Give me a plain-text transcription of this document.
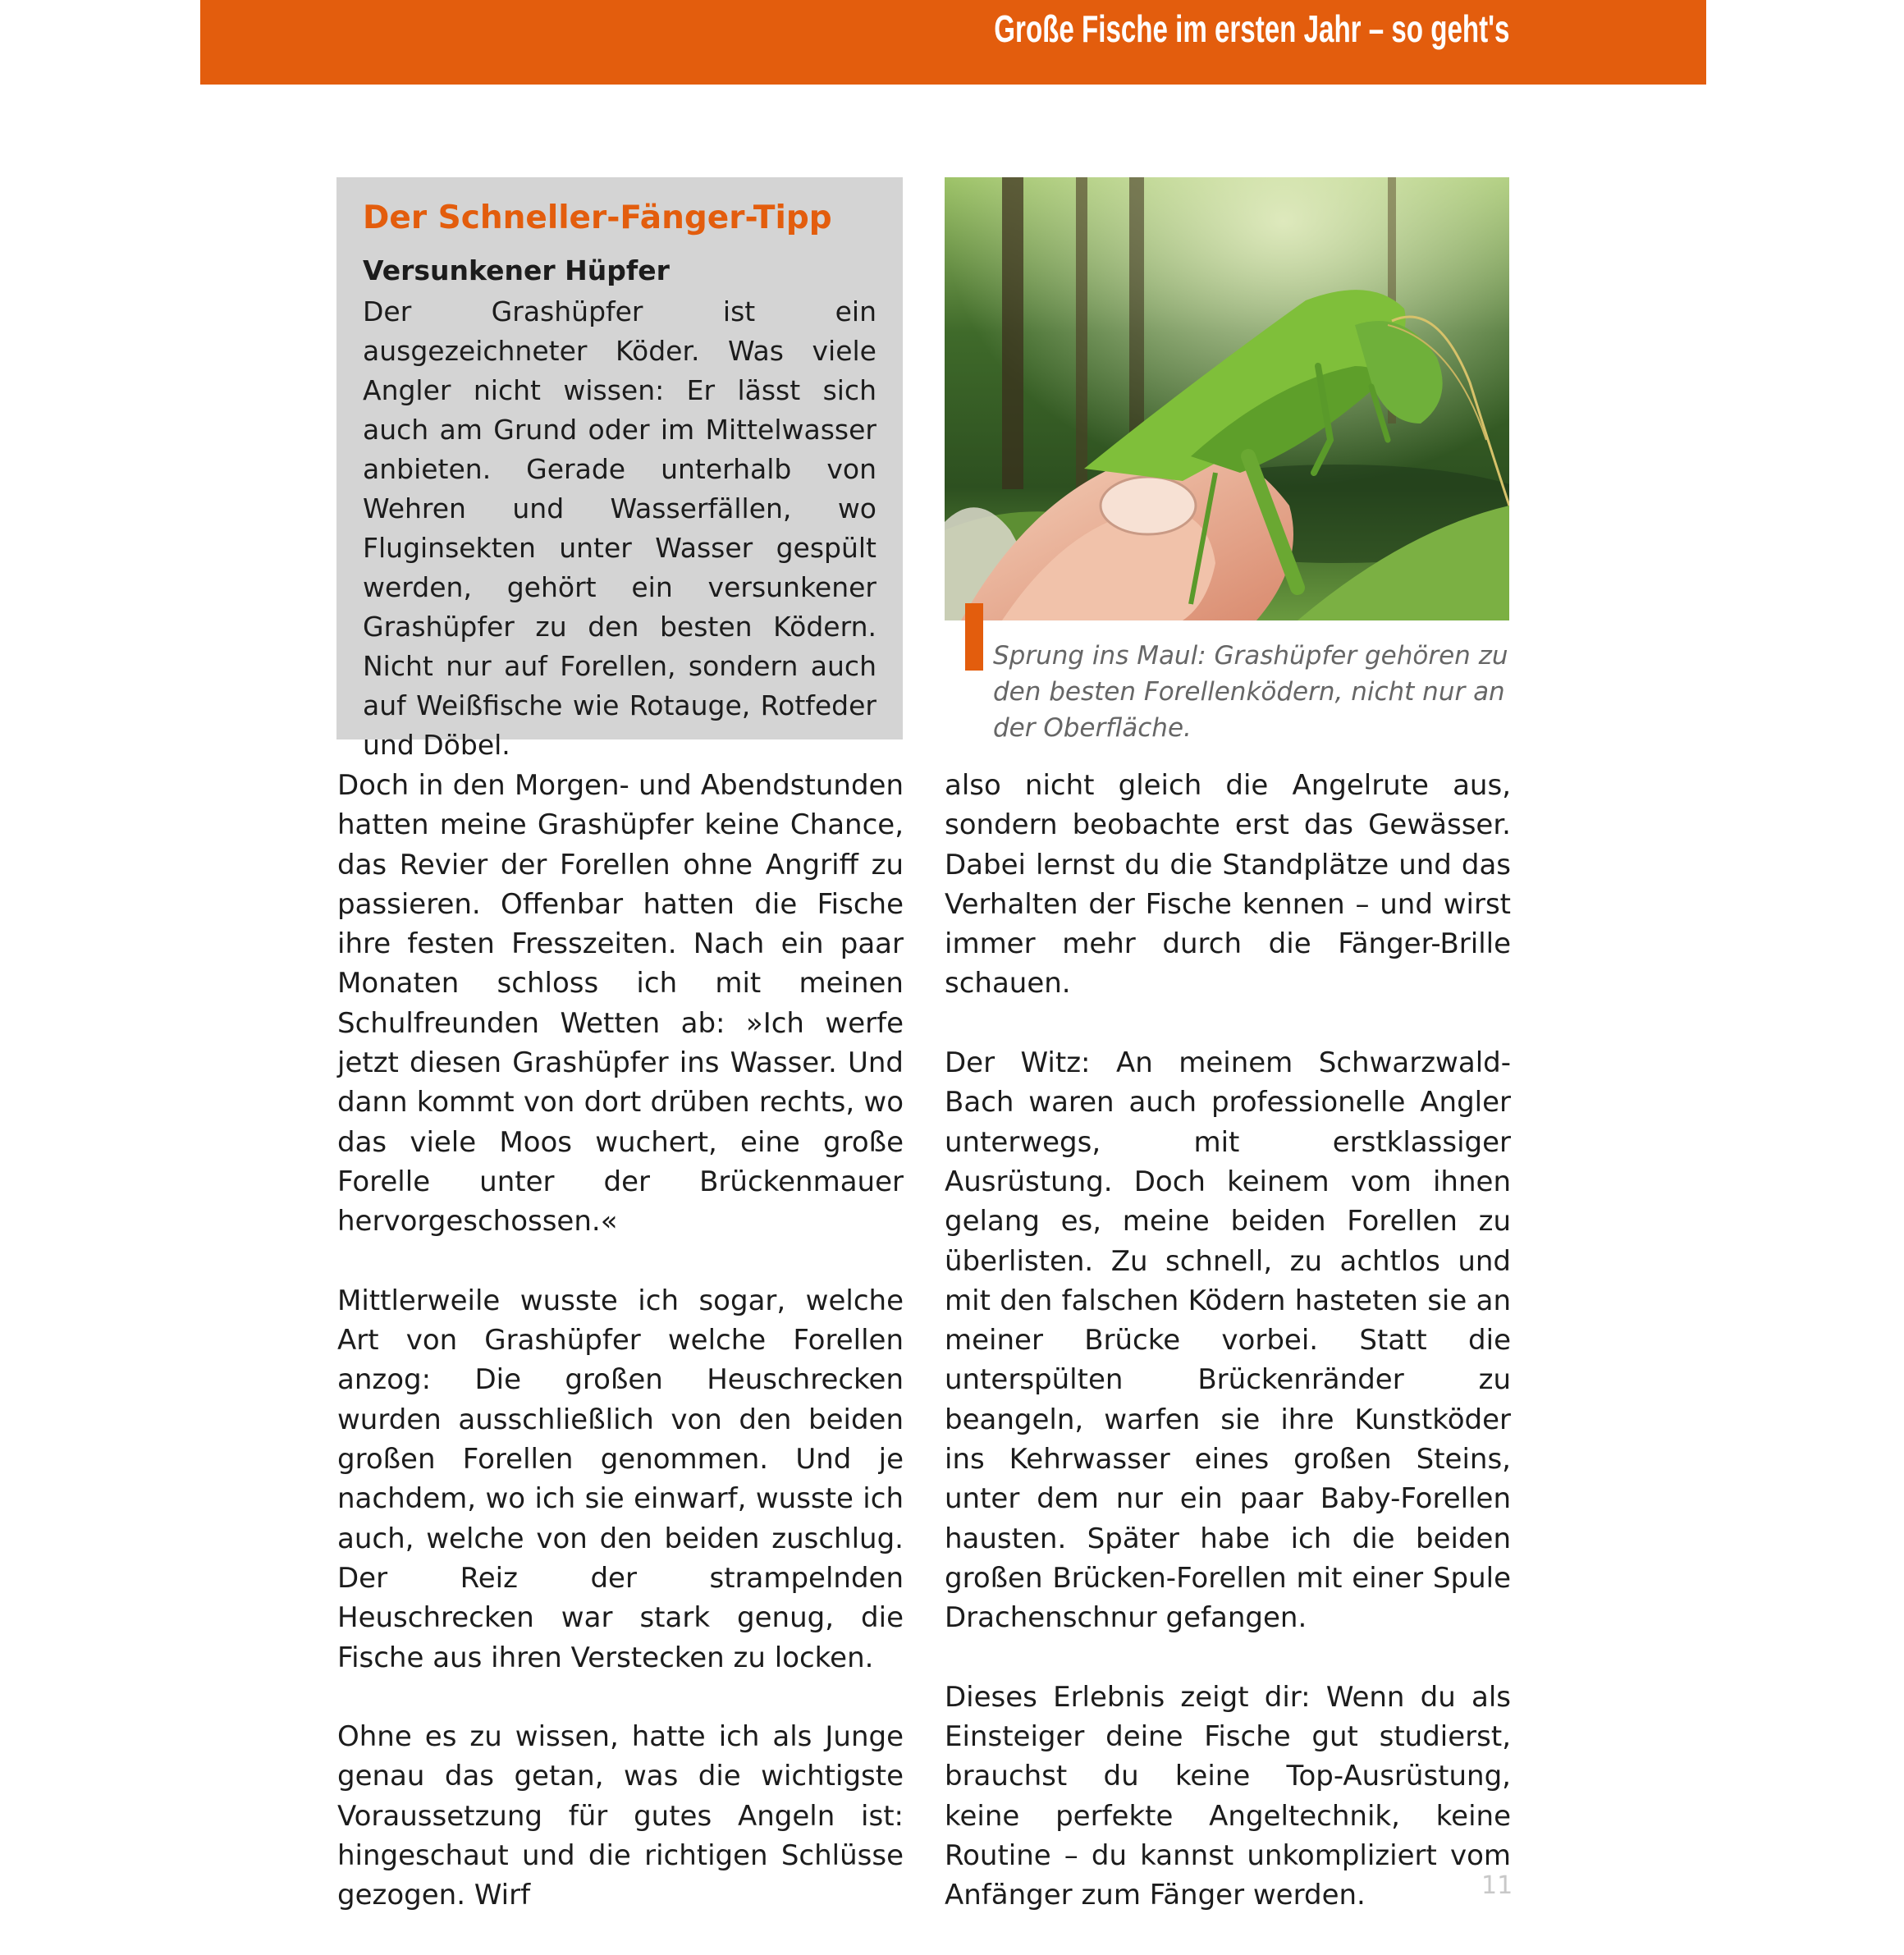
Große Fische im ersten Jahr – so geht's
Der Schneller-Fänger-Tipp
Versunkener Hüpfer

Der Grashüpfer ist ein ausgezeichneter Köder. Was viele Angler nicht wissen: Er lässt sich auch am Grund oder im Mittelwasser anbieten. Gerade unterhalb von Wehren und Wasserfällen, wo Fluginsekten unter Wasser gespült werden, gehört ein versunkener Grashüpfer zu den besten Ködern. Nicht nur auf Forellen, sondern auch auf Weißfische wie Rotauge, Rotfeder und Döbel.

Sprung ins Maul: Grashüpfer gehören zu den besten Forellenködern, nicht nur an der Oberfläche.

Doch in den Morgen- und Abendstunden hatten meine Grashüpfer keine Chance, das Revier der Forellen ohne Angriff zu passieren. Offenbar hatten die Fische ihre festen Fresszeiten. Nach ein paar Monaten schloss ich mit meinen Schulfreunden Wetten ab: »Ich werfe jetzt diesen Grashüpfer ins Wasser. Und dann kommt von dort drüben rechts, wo das viele Moos wuchert, eine große Forelle unter der Brückenmauer hervorgeschossen.«

Mittlerweile wusste ich sogar, welche Art von Grashüpfer welche Forellen anzog: Die großen Heuschrecken wurden ausschließlich von den beiden großen Forellen genommen. Und je nachdem, wo ich sie einwarf, wusste ich auch, welche von den beiden zuschlug. Der Reiz der strampelnden Heuschrecken war stark genug, die Fische aus ihren Verstecken zu locken.

Ohne es zu wissen, hatte ich als Junge genau das getan, was die wichtigste Voraussetzung für gutes Angeln ist: hingeschaut und die richtigen Schlüsse gezogen. Wirf

also nicht gleich die Angelrute aus, sondern beobachte erst das Gewässer. Dabei lernst du die Standplätze und das Verhalten der Fische kennen – und wirst immer mehr durch die Fänger-Brille schauen.

Der Witz: An meinem Schwarzwald-Bach waren auch professionelle Angler unterwegs, mit erstklassiger Ausrüstung. Doch keinem vom ihnen gelang es, meine beiden Forellen zu überlisten. Zu schnell, zu achtlos und mit den falschen Ködern hasteten sie an meiner Brücke vorbei. Statt die unterspülten Brückenränder zu beangeln, warfen sie ihre Kunstköder ins Kehrwasser eines großen Steins, unter dem nur ein paar Baby-Forellen hausten. Später habe ich die beiden großen Brücken-Forellen mit einer Spule Drachenschnur gefangen.

Dieses Erlebnis zeigt dir: Wenn du als Einsteiger deine Fische gut studierst, brauchst du keine Top-Ausrüstung, keine perfekte Angeltechnik, keine Routine – du kannst unkompliziert vom Anfänger zum Fänger werden.	11
